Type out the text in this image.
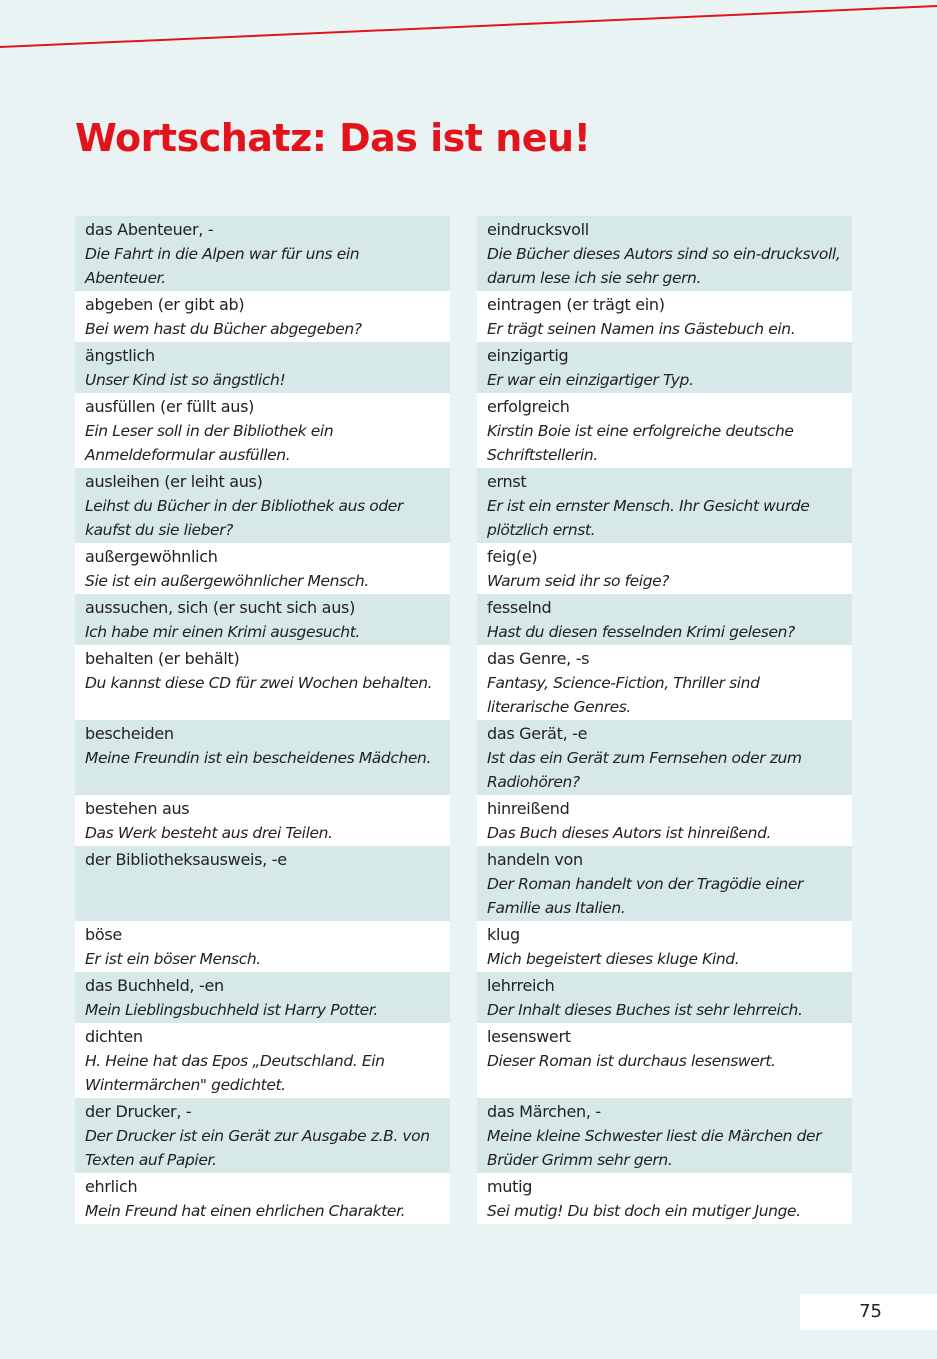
Wortschatz: Das ist neu!
das Abenteuer, -
Die Fahrt in die Alpen war für uns ein Abenteuer.
abgeben (er gibt ab)
Bei wem hast du Bücher abgegeben?
ängstlich
Unser Kind ist so ängstlich!
ausfüllen (er füllt aus)
Ein Leser soll in der Bibliothek ein Anmeldeformular ausfüllen.
ausleihen (er leiht aus)
Leihst du Bücher in der Bibliothek aus oder kaufst du sie lieber?
außergewöhnlich
Sie ist ein außergewöhnlicher Mensch.
aussuchen, sich (er sucht sich aus)
Ich habe mir einen Krimi ausgesucht.
behalten (er behält)
Du kannst diese CD für zwei Wochen behalten.
bescheiden
Meine Freundin ist ein bescheidenes Mädchen.
bestehen aus
Das Werk besteht aus drei Teilen.
der Bibliotheksausweis, -e
böse
Er ist ein böser Mensch.
das Buchheld, -en
Mein Lieblingsbuchheld ist Harry Potter.
dichten
H. Heine hat das Epos „Deutschland. Ein Wintermärchen" gedichtet.
der Drucker, -
Der Drucker ist ein Gerät zur Ausgabe z.B. von Texten auf Papier.
ehrlich
Mein Freund hat einen ehrlichen Charakter.
eindrucksvoll
Die Bücher dieses Autors sind so ein-drucksvoll, darum lese ich sie sehr gern.
eintragen (er trägt ein)
Er trägt seinen Namen ins Gästebuch ein.
einzigartig
Er war ein einzigartiger Typ.
erfolgreich
Kirstin Boie ist eine erfolgreiche deutsche Schriftstellerin.
ernst
Er ist ein ernster Mensch. Ihr Gesicht wurde plötzlich ernst.
feig(e)
Warum seid ihr so feige?
fesselnd
Hast du diesen fesselnden Krimi gelesen?
das Genre, -s
Fantasy, Science-Fiction, Thriller sind literarische Genres.
das Gerät, -e
Ist das ein Gerät zum Fernsehen oder zum Radiohören?
hinreißend
Das Buch dieses Autors ist hinreißend.
handeln von
Der Roman handelt von der Tragödie einer Familie aus Italien.
klug
Mich begeistert dieses kluge Kind.
lehrreich
Der Inhalt dieses Buches ist sehr lehrreich.
lesenswert
Dieser Roman ist durchaus lesenswert.
das Märchen, -
Meine kleine Schwester liest die Märchen der Brüder Grimm sehr gern.
mutig
Sei mutig! Du bist doch ein mutiger Junge.
75
